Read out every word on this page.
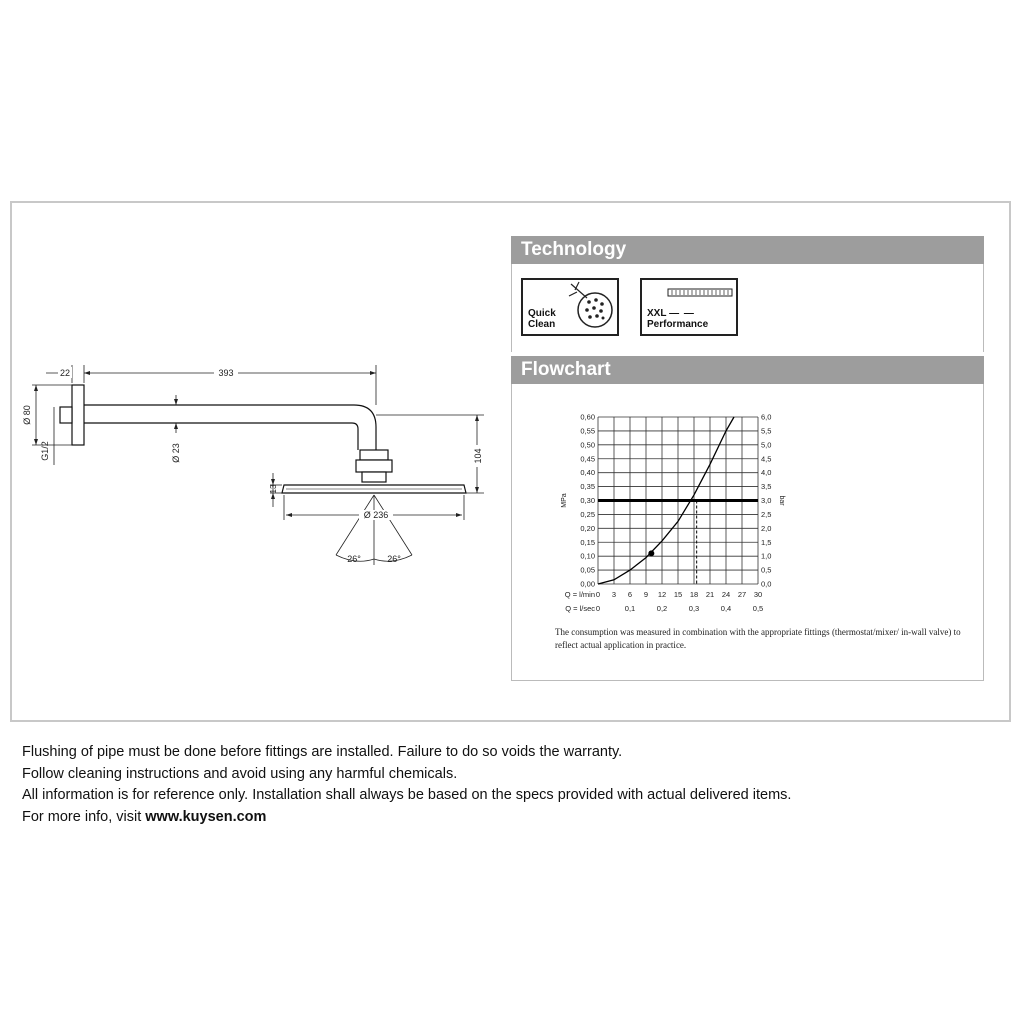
22	393
Ø 80
G1/2	Ø 23	104
13
Ø 236
26°	26°
Technology
Quick
Clean
XXL — —
Performance
Flowchart
0,00	0,0
0,05	0,5
0,10	1,0
0,15	1,5
0,20	2,0
0,25	2,5
0,30	3,0
0,35	3,5
0,40	4,0
0,45	4,5
0,50	5,0
0,55	5,5
0,60	6,0
0 3 6 9 12 15 18 21 24 27 30
0	0,1	0,2	0,3	0,4	0,5
Q = l/min
Q = l/sec
MPa	bar
The consumption was measured in combination with the appropriate fittings (thermostat/mixer/ in-wall valve) to reflect actual application in practice.

Flushing of pipe must be done before fittings are installed. Failure to do so voids the warranty.

Follow cleaning instructions and avoid using any harmful chemicals.

All information is for reference only. Installation shall always be based on the specs provided with actual delivered items.

For more info, visit www.kuysen.com
